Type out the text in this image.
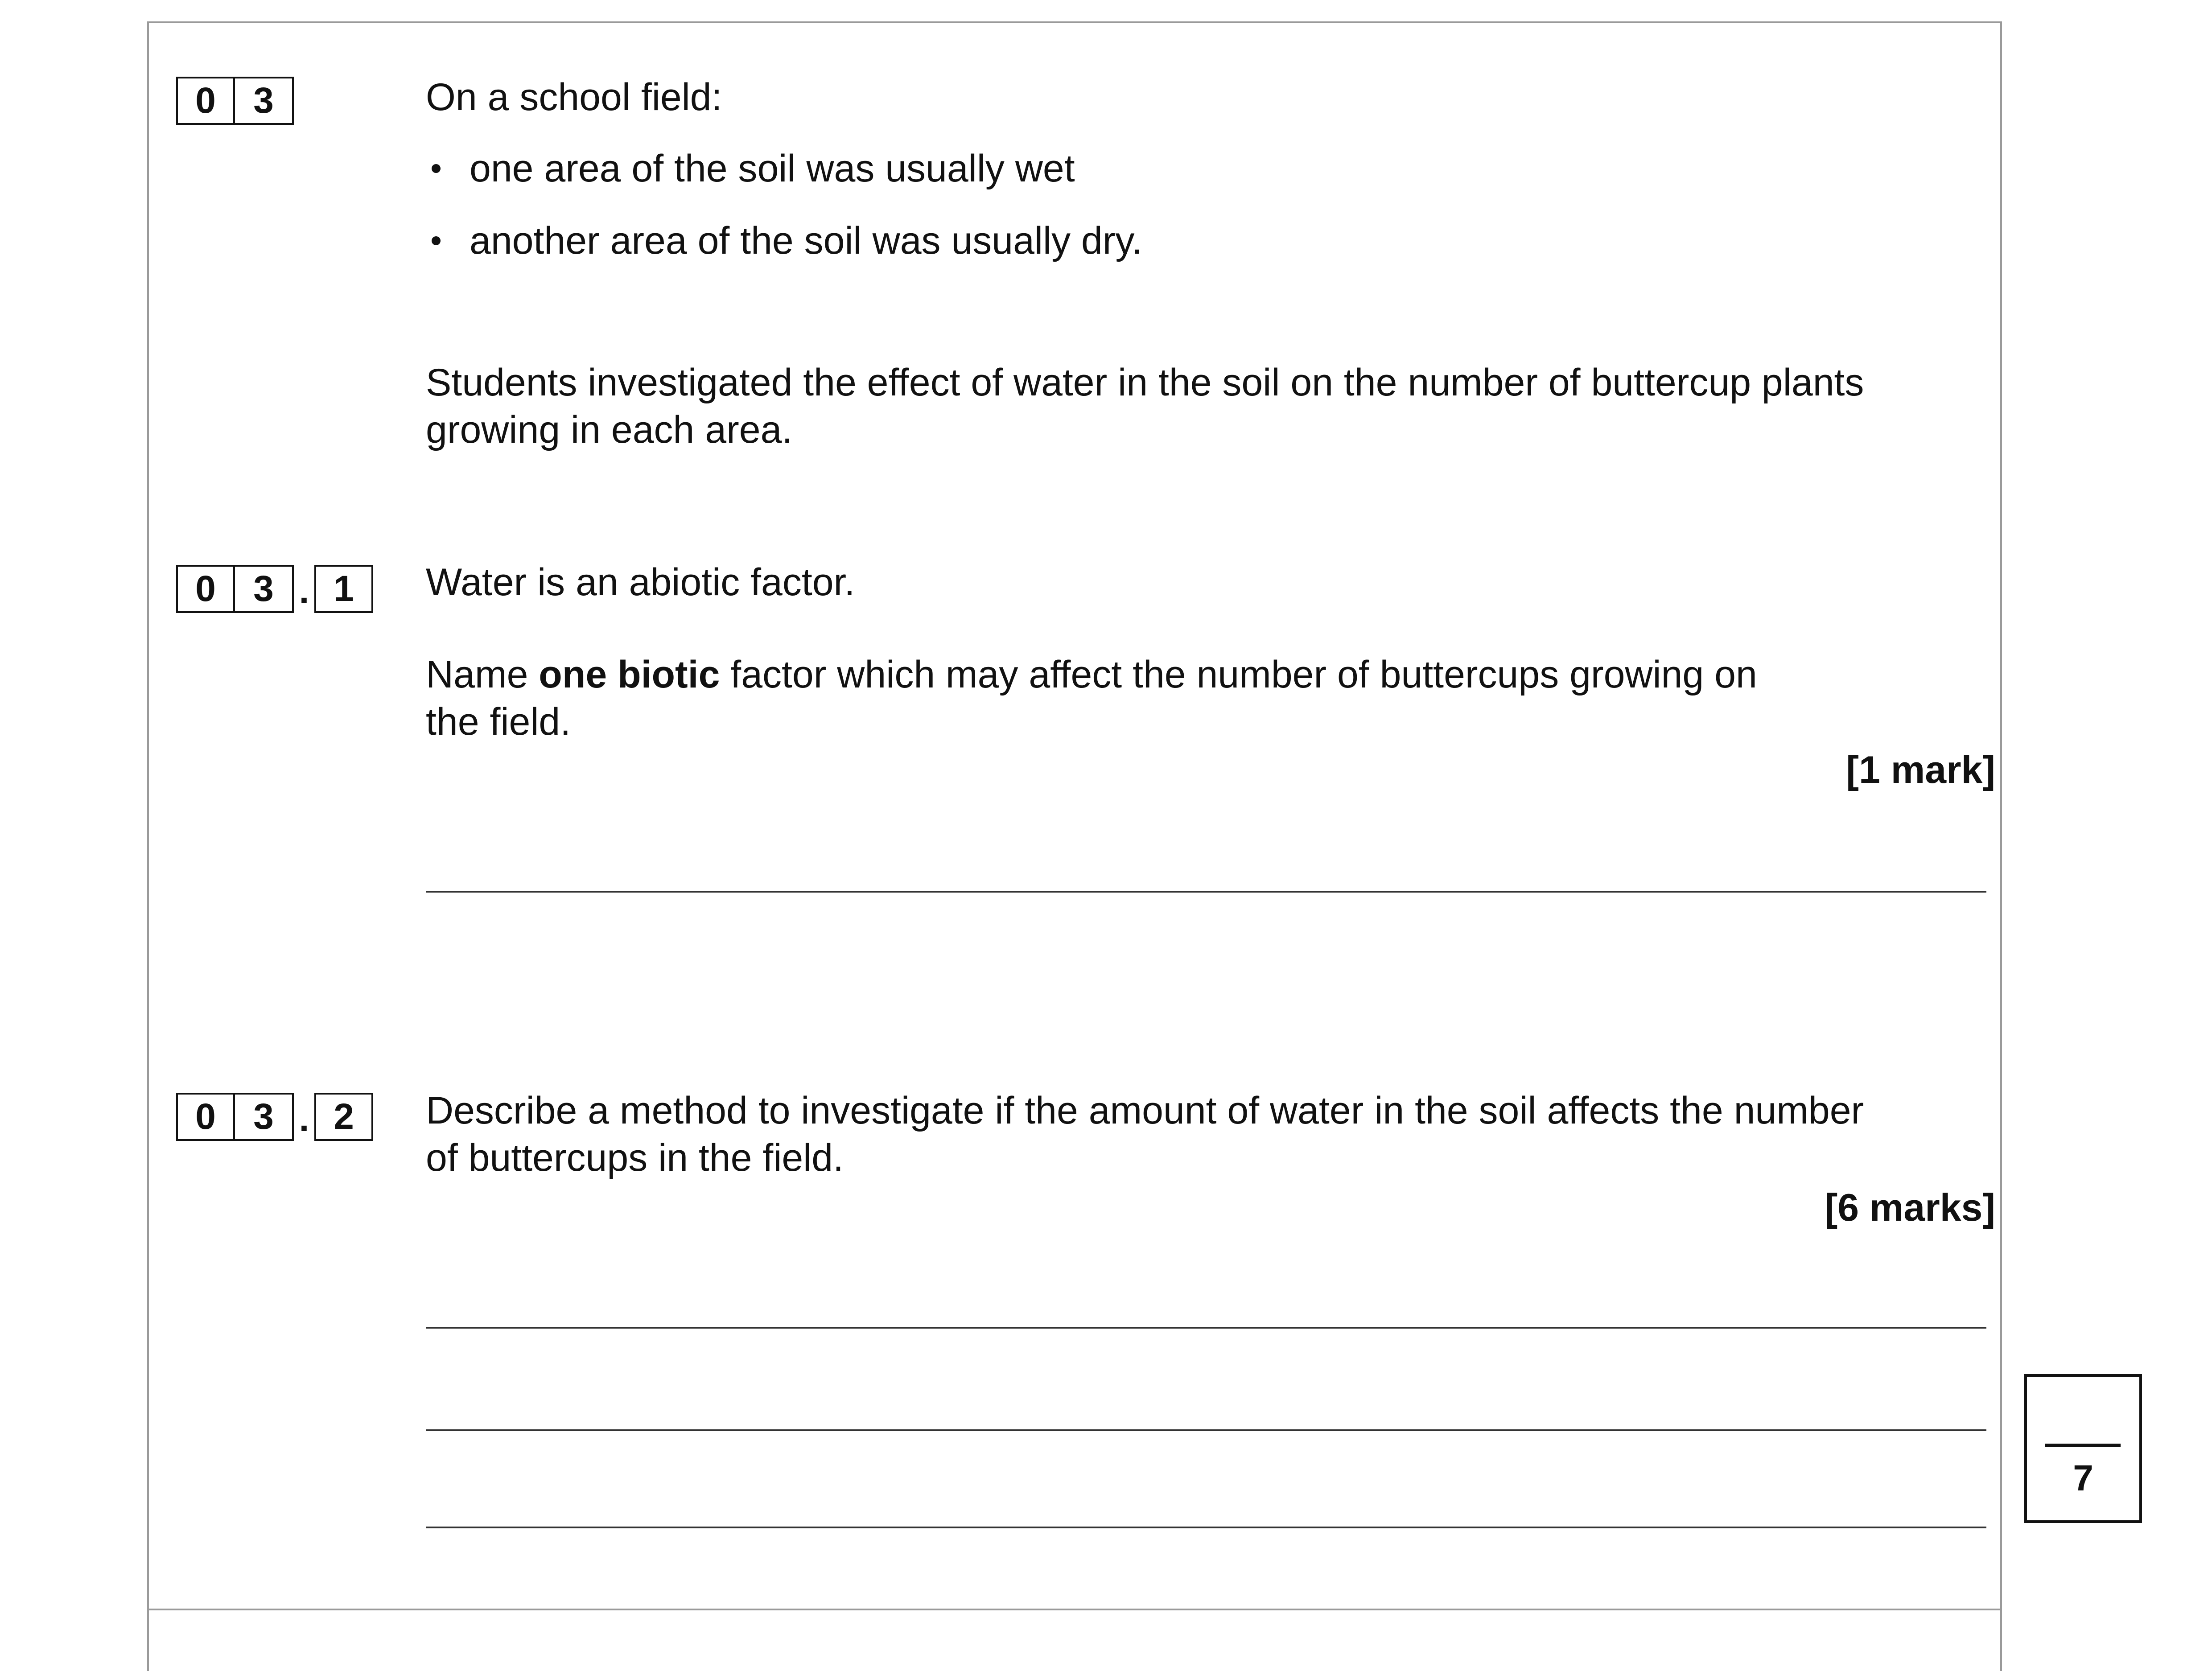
0	3	On a school field:
one area of the soil was usually wet
another area of the soil was usually dry.
Students investigated the effect of water in the soil on the number of buttercup plants
growing in each area.
0	3 . 1	Water is an abiotic factor.
Name one biotic factor which may affect the number of buttercups growing on
the field.
[1 mark]
0	3 . 2	Describe a method to investigate if the amount of water in the soil affects the number
of buttercups in the field.
[6 marks]
7
